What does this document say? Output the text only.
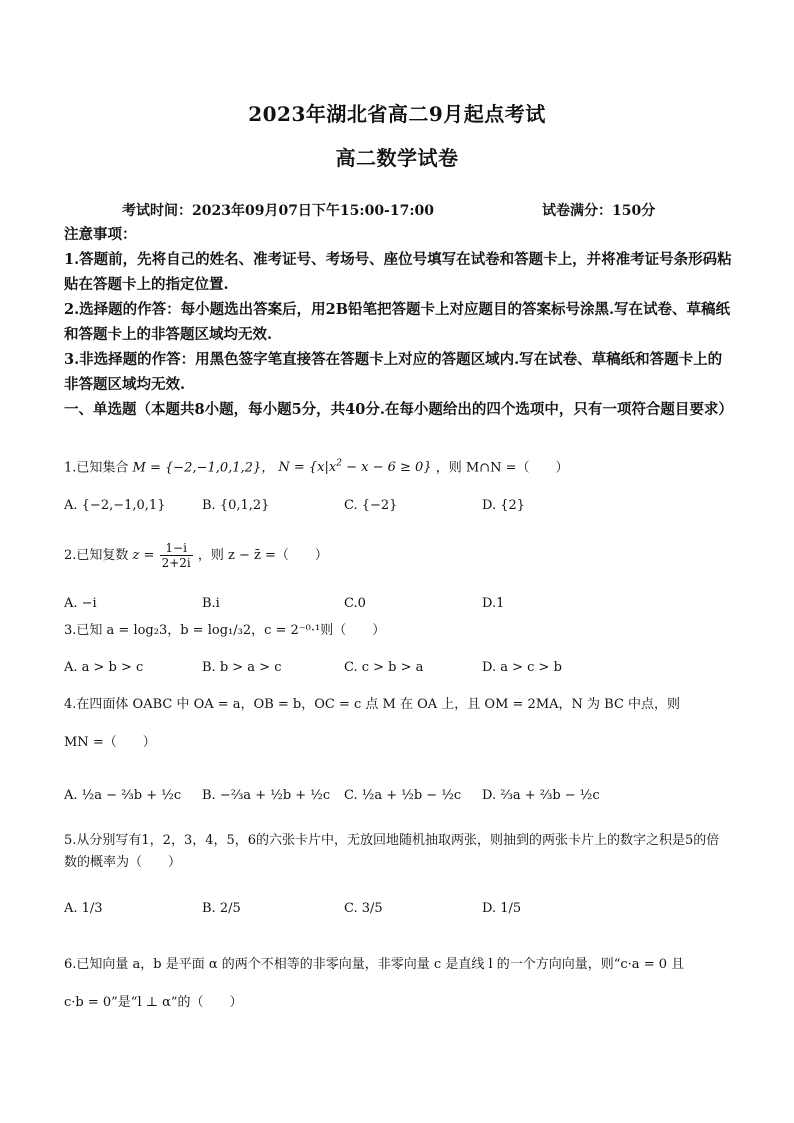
2023年湖北省高二9月起点考试
高二数学试卷
考试时间：2023年09月07日下午15:00-17:00	试卷满分：150分
注意事项：
1.答题前，先将自己的姓名、准考证号、考场号、座位号填写在试卷和答题卡上，并将准考证号条形码粘贴在答题卡上的指定位置.
2.选择题的作答：每小题选出答案后，用2B铅笔把答题卡上对应题目的答案标号涂黑.写在试卷、草稿纸和答题卡上的非答题区域均无效.
3.非选择题的作答：用黑色签字笔直接答在答题卡上对应的答题区域内.写在试卷、草稿纸和答题卡上的非答题区域均无效.
一、单选题（本题共8小题，每小题5分，共40分.在每小题给出的四个选项中，只有一项符合题目要求）
1.已知集合 M = {−2,−1,0,1,2}， $N = \{x|x^2 - x - 6 \ge 0\}$ ，则 M∩N =（　　）
A. {−2,−1,0,1}	B. {0,1,2}	C. {−2}	D. {2}
2.已知复数 $z = \frac{1-i}{2+2i}$ ，则 z − z̄ =（　　）
A. −i	B.i	C.0	D.1
3.已知 a = log₂3，b = log₁/₃2，c = 2⁻⁰·¹则（　　）
A. a > b > c	B. b > a > c	C. c > b > a	D. a > c > b
4.在四面体 OABC 中 OA = a，OB = b，OC = c 点 M 在 OA 上，且 OM = 2MA，N 为 BC 中点，则
MN =（　　）
A. ½a − ⅔b + ½c B. −⅔a + ½b + ½c C. ½a + ½b − ½c D. ⅔a + ⅔b − ½c
5.从分别写有1，2，3，4，5，6的六张卡片中，无放回地随机抽取两张，则抽到的两张卡片上的数字之积是5的倍数的概率为（　　）
A. 1/3	B. 2/5	C. 3/5	D. 1/5
6.已知向量 a，b 是平面 α 的两个不相等的非零向量，非零向量 c 是直线 l 的一个方向向量，则“c·a = 0 且
c·b = 0”是“l ⊥ α”的（　　）
